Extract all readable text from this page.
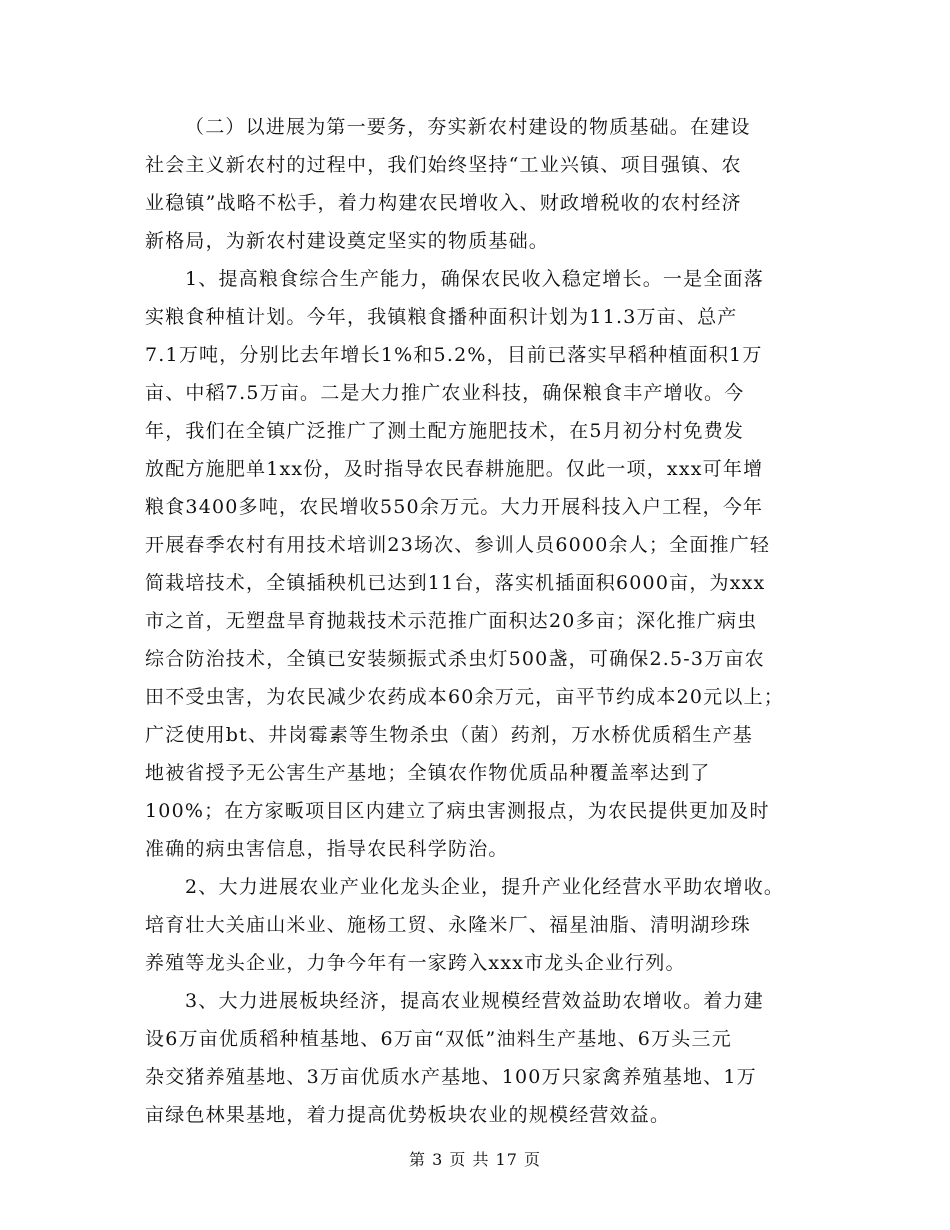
（二）以进展为第一要务，夯实新农村建设的物质基础。在建设
社会主义新农村的过程中，我们始终坚持“工业兴镇、项目强镇、农
业稳镇”战略不松手，着力构建农民增收入、财政增税收的农村经济
新格局，为新农村建设奠定坚实的物质基础。
1、提高粮食综合生产能力，确保农民收入稳定增长。一是全面落
实粮食种植计划。今年，我镇粮食播种面积计划为11.3万亩、总产
7.1万吨，分别比去年增长1%和5.2%，目前已落实早稻种植面积1万
亩、中稻7.5万亩。二是大力推广农业科技，确保粮食丰产增收。今
年，我们在全镇广泛推广了测土配方施肥技术，在5月初分村免费发
放配方施肥单1xx份，及时指导农民春耕施肥。仅此一项，xxx可年增
粮食3400多吨，农民增收550余万元。大力开展科技入户工程，今年
开展春季农村有用技术培训23场次、参训人员6000余人；全面推广轻
简栽培技术，全镇插秧机已达到11台，落实机插面积6000亩，为xxx
市之首，无塑盘旱育抛栽技术示范推广面积达20多亩；深化推广病虫
综合防治技术，全镇已安装频振式杀虫灯500盏，可确保2.5-3万亩农
田不受虫害，为农民减少农药成本60余万元，亩平节约成本20元以上；
广泛使用bt、井岗霉素等生物杀虫（菌）药剂，万水桥优质稻生产基
地被省授予无公害生产基地；全镇农作物优质品种覆盖率达到了
100%；在方家畈项目区内建立了病虫害测报点，为农民提供更加及时
准确的病虫害信息，指导农民科学防治。
2、大力进展农业产业化龙头企业，提升产业化经营水平助农增收。
培育壮大关庙山米业、施杨工贸、永隆米厂、福星油脂、清明湖珍珠
养殖等龙头企业，力争今年有一家跨入xxx市龙头企业行列。
3、大力进展板块经济，提高农业规模经营效益助农增收。着力建
设6万亩优质稻种植基地、6万亩“双低”油料生产基地、6万头三元
杂交猪养殖基地、3万亩优质水产基地、100万只家禽养殖基地、1万
亩绿色林果基地，着力提高优势板块农业的规模经营效益。
第 3 页 共 17 页
